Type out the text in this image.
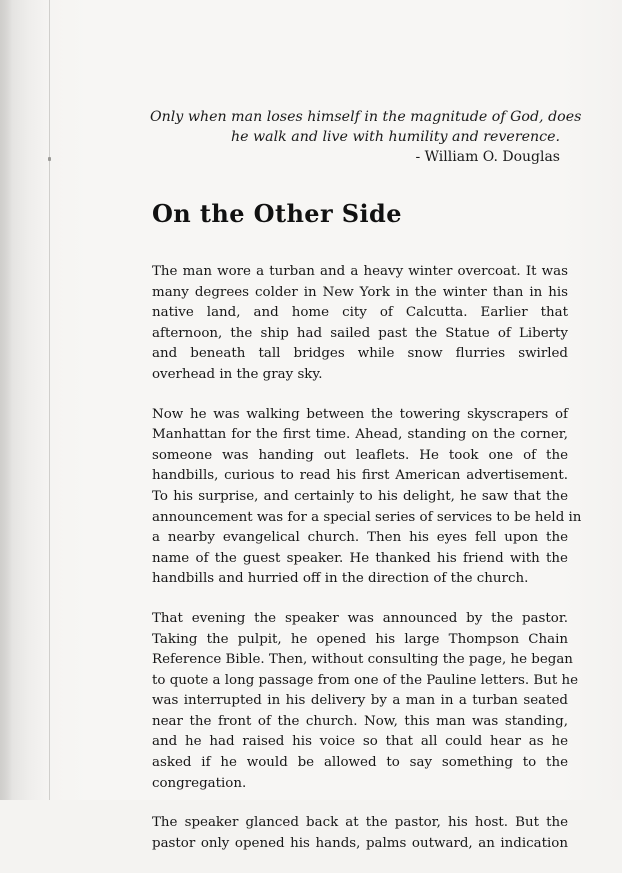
Only when man loses himself in the magnitude of God, does
he walk and live with humility and reverence.
- William O. Douglas
On the Other Side
The man wore a turban and a heavy winter overcoat. It was
many degrees colder in New York in the winter than in his
native land, and home city of Calcutta. Earlier that
afternoon, the ship had sailed past the Statue of Liberty
and beneath tall bridges while snow flurries swirled
overhead in the gray sky.
Now he was walking between the towering skyscrapers of
Manhattan for the first time. Ahead, standing on the corner,
someone was handing out leaflets. He took one of the
handbills, curious to read his first American advertisement.
To his surprise, and certainly to his delight, he saw that the
announcement was for a special series of services to be held in
a nearby evangelical church. Then his eyes fell upon the
name of the guest speaker. He thanked his friend with the
handbills and hurried off in the direction of the church.
That evening the speaker was announced by the pastor.
Taking the pulpit, he opened his large Thompson Chain
Reference Bible. Then, without consulting the page, he began
to quote a long passage from one of the Pauline letters. But he
was interrupted in his delivery by a man in a turban seated
near the front of the church. Now, this man was standing,
and he had raised his voice so that all could hear as he
asked if he would be allowed to say something to the
congregation.
The speaker glanced back at the pastor, his host. But the
pastor only opened his hands, palms outward, an indication
